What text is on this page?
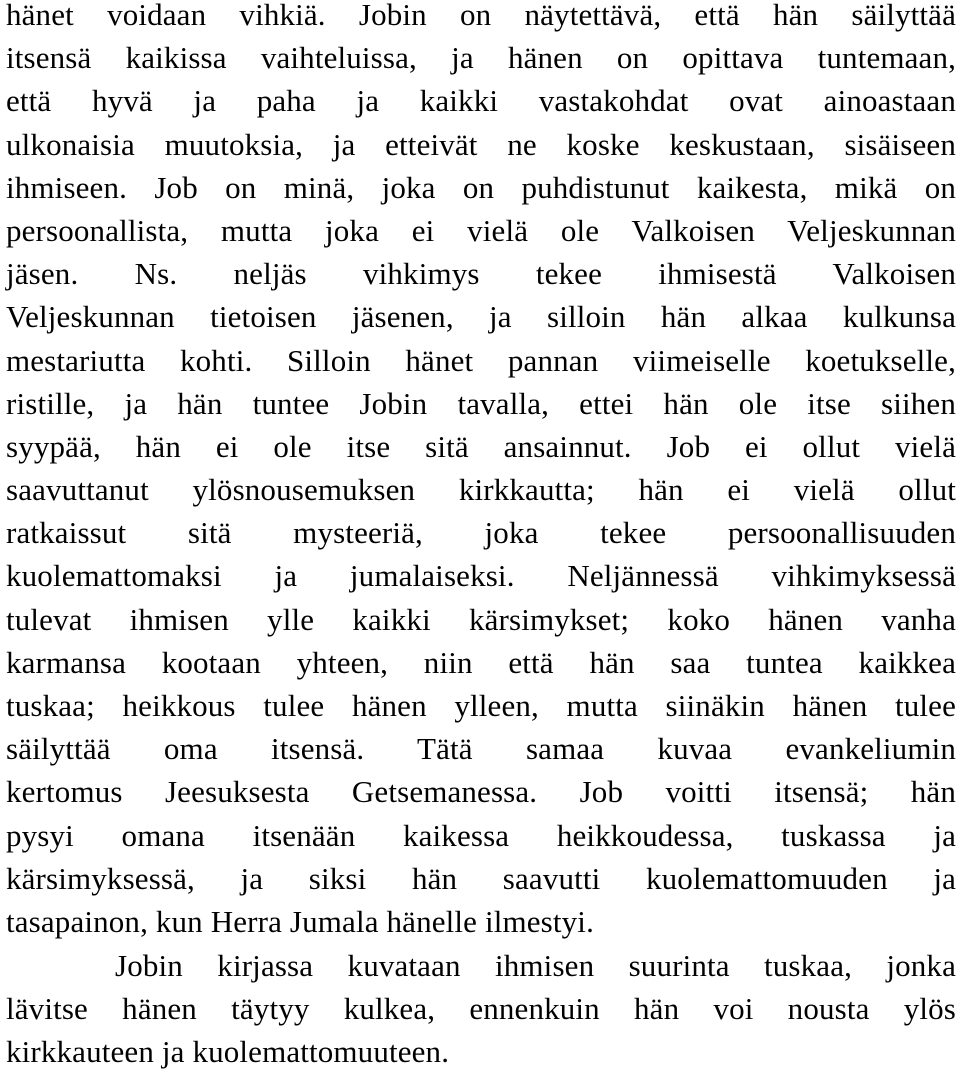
hänet voidaan vihkiä. Jobin on näytettävä, että hän säilyttää
itsensä kaikissa vaihteluissa, ja hänen on opittava tuntemaan,
että hyvä ja paha ja kaikki vastakohdat ovat ainoastaan
ulkonaisia muutoksia, ja etteivät ne koske keskustaan, sisäiseen
ihmiseen. Job on minä, joka on puhdistunut kaikesta, mikä on
persoonallista, mutta joka ei vielä ole Valkoisen Veljeskunnan
jäsen. Ns. neljäs vihkimys tekee ihmisestä Valkoisen
Veljeskunnan tietoisen jäsenen, ja silloin hän alkaa kulkunsa
mestariutta kohti. Silloin hänet pannan viimeiselle koetukselle,
ristille, ja hän tuntee Jobin tavalla, ettei hän ole itse siihen
syypää, hän ei ole itse sitä ansainnut. Job ei ollut vielä
saavuttanut ylösnousemuksen kirkkautta; hän ei vielä ollut
ratkaissut sitä mysteeriä, joka tekee persoonallisuuden
kuolemattomaksi ja jumalaiseksi. Neljännessä vihkimyksessä
tulevat ihmisen ylle kaikki kärsimykset; koko hänen vanha
karmansa kootaan yhteen, niin että hän saa tuntea kaikkea
tuskaa; heikkous tulee hänen ylleen, mutta siinäkin hänen tulee
säilyttää oma itsensä. Tätä samaa kuvaa evankeliumin
kertomus Jeesuksesta Getsemanessa. Job voitti itsensä; hän
pysyi omana itsenään kaikessa heikkoudessa, tuskassa ja
kärsimyksessä, ja siksi hän saavutti kuolemattomuuden ja
tasapainon, kun Herra Jumala hänelle ilmestyi.
Jobin kirjassa kuvataan ihmisen suurinta tuskaa, jonka
lävitse hänen täytyy kulkea, ennenkuin hän voi nousta ylös
kirkkauteen ja kuolemattomuuteen.
